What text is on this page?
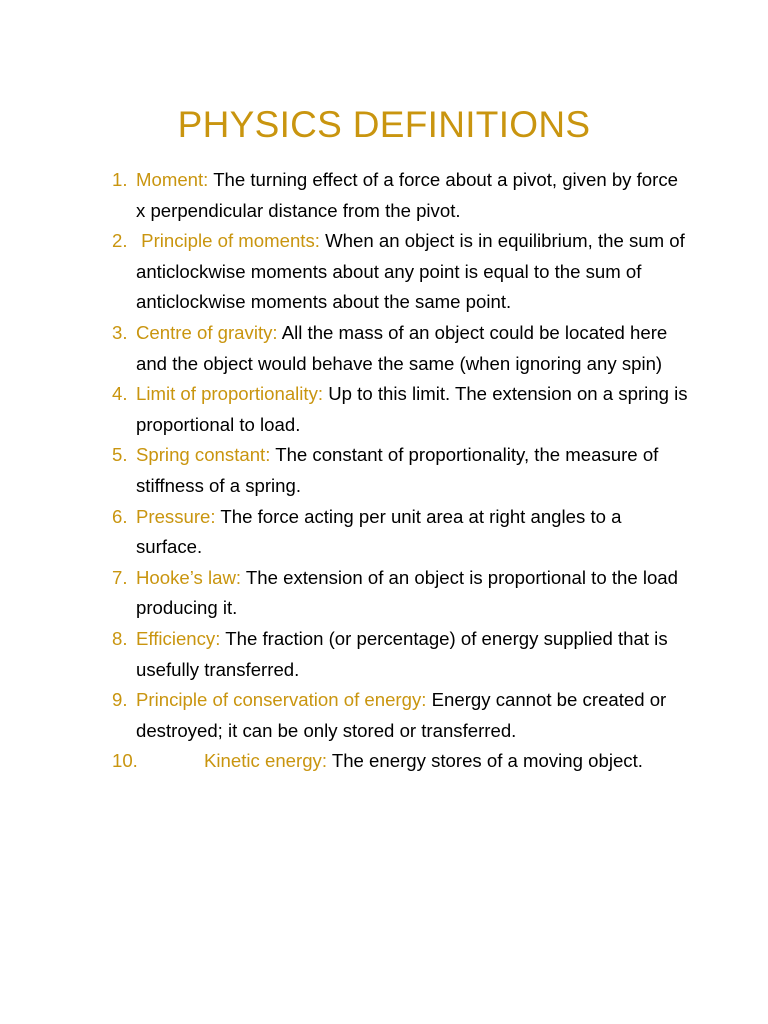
PHYSICS DEFINITIONS
1. Moment: The turning effect of a force about a pivot, given by force x perpendicular distance from the pivot.
2. Principle of moments: When an object is in equilibrium, the sum of anticlockwise moments about any point is equal to the sum of anticlockwise moments about the same point.
3. Centre of gravity: All the mass of an object could be located here and the object would behave the same (when ignoring any spin)
4. Limit of proportionality: Up to this limit. The extension on a spring is proportional to load.
5. Spring constant: The constant of proportionality, the measure of stiffness of a spring.
6. Pressure: The force acting per unit area at right angles to a surface.
7. Hooke’s law: The extension of an object is proportional to the load producing it.
8. Efficiency: The fraction (or percentage) of energy supplied that is usefully transferred.
9. Principle of conservation of energy: Energy cannot be created or destroyed; it can be only stored or transferred.
10.	Kinetic energy: The energy stores of a moving object.
